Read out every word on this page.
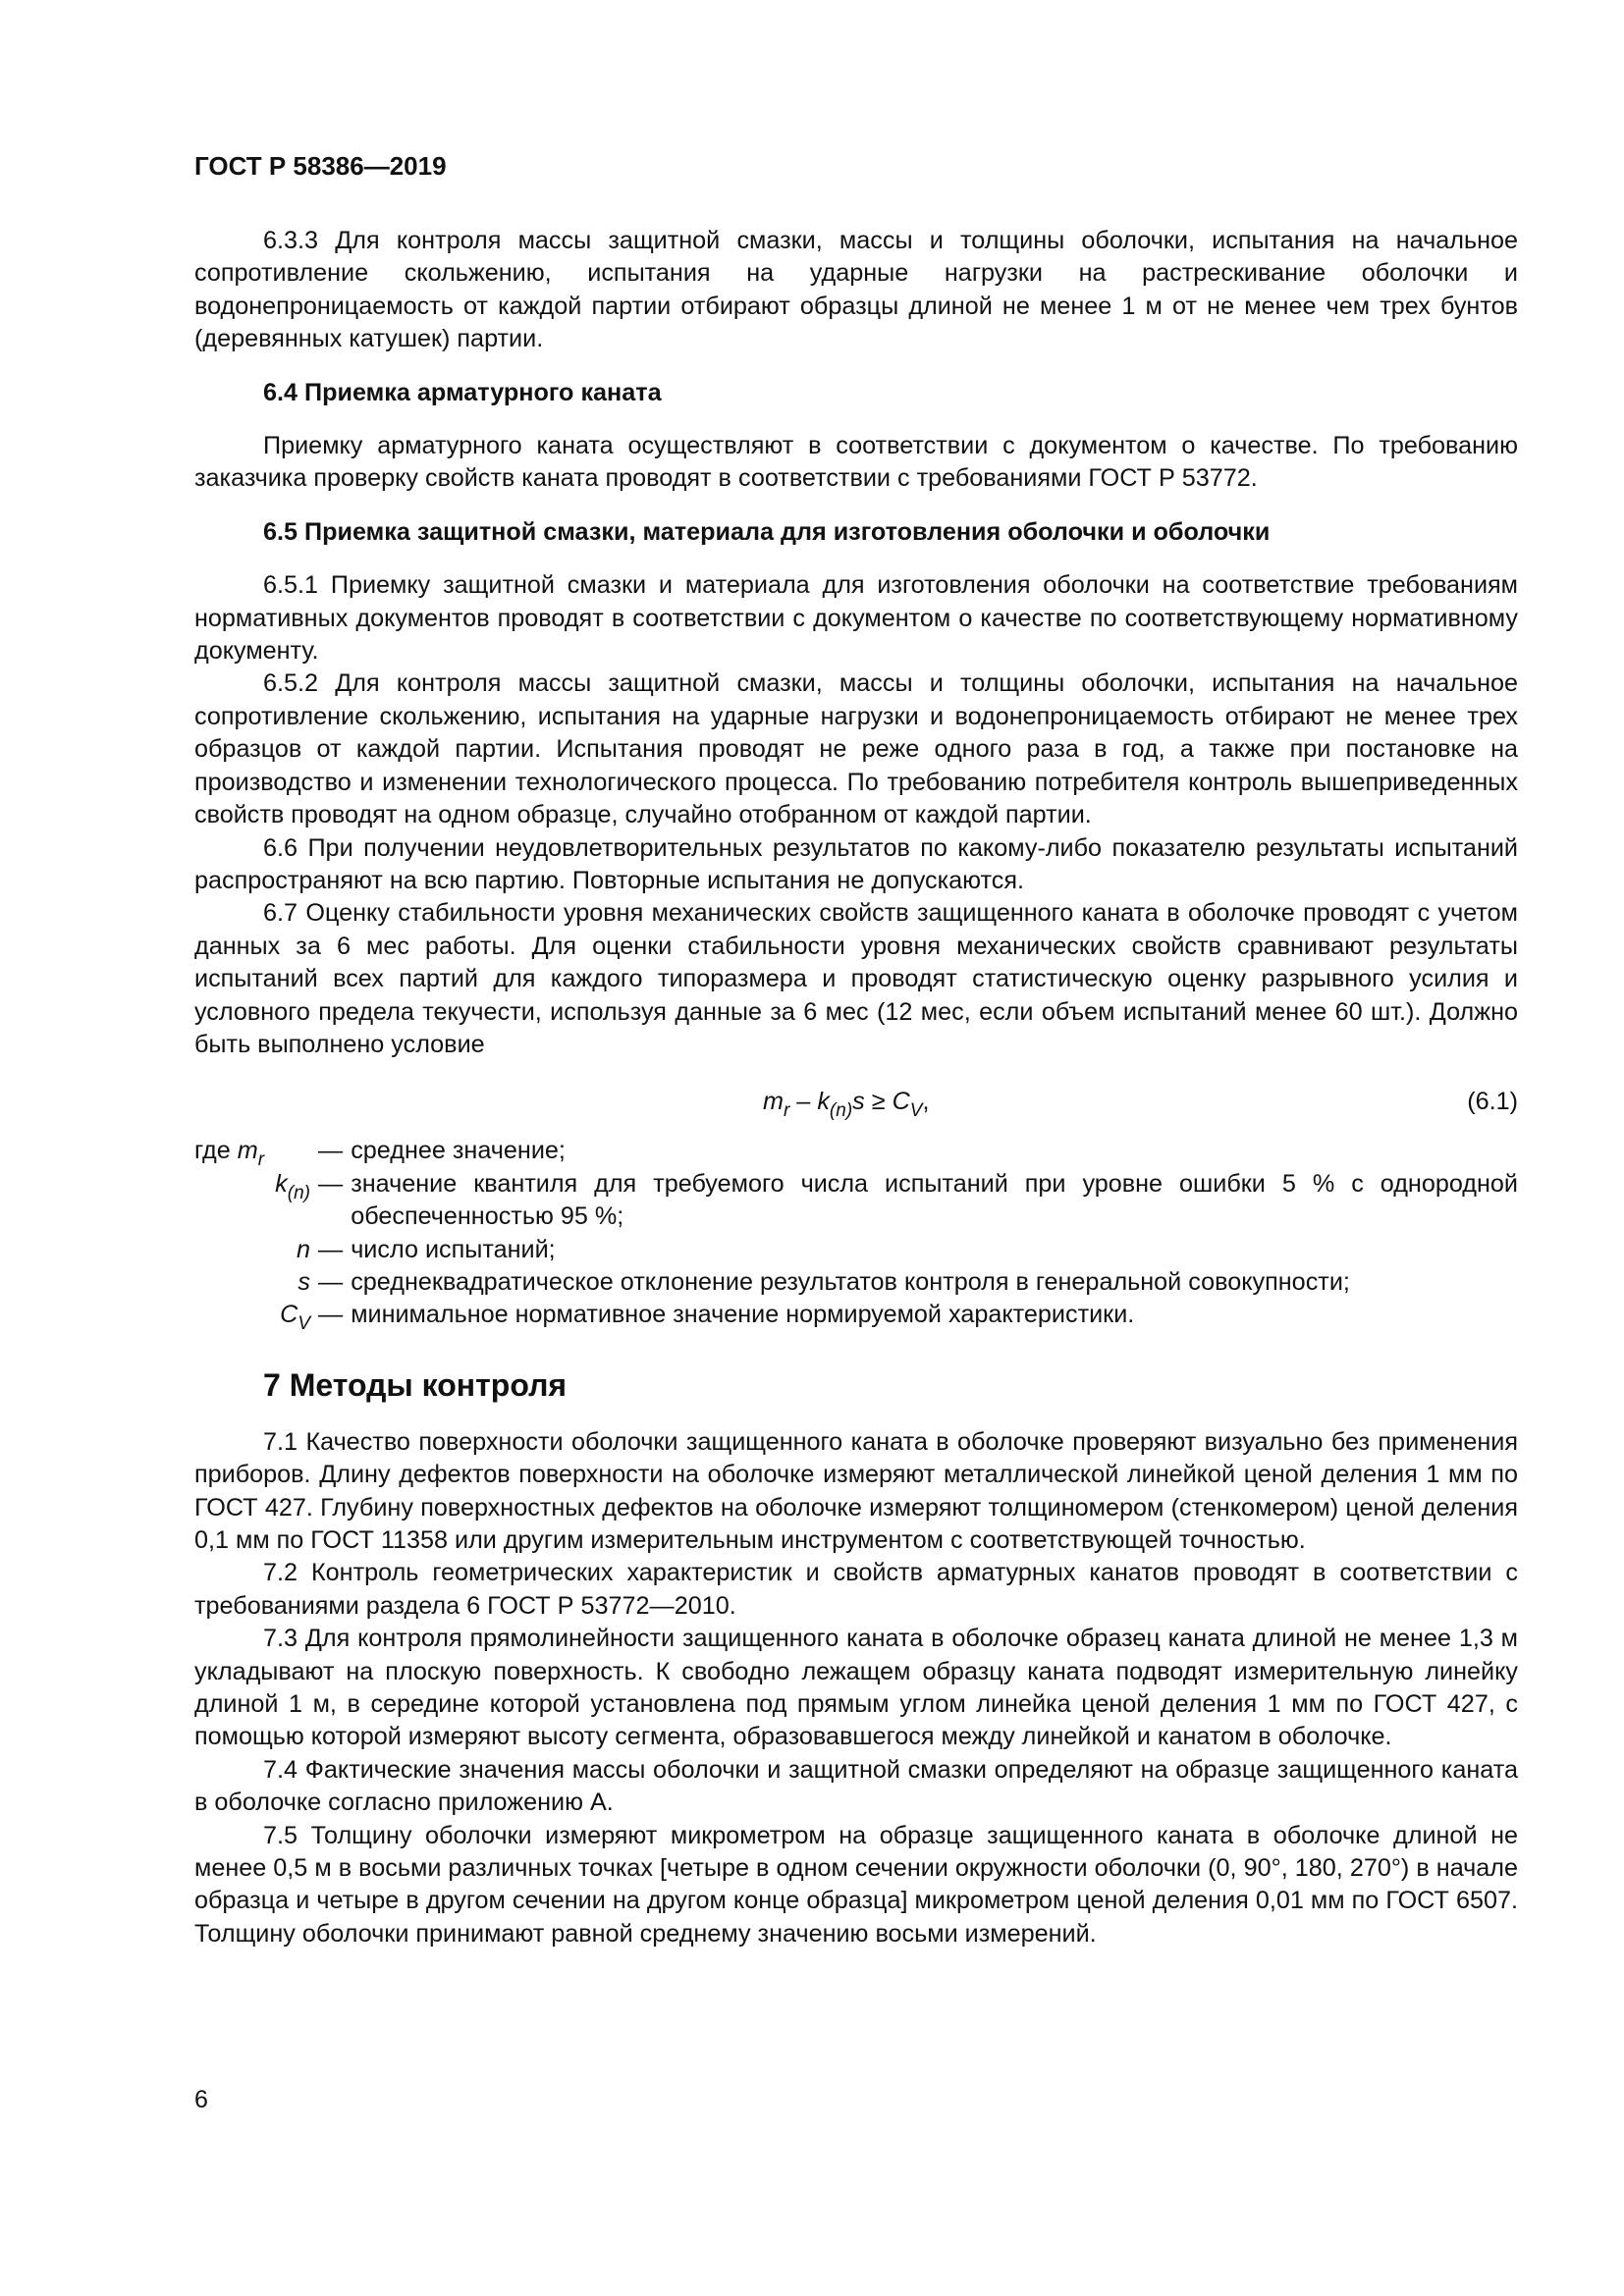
ГОСТ Р 58386—2019

6.3.3 Для контроля массы защитной смазки, массы и толщины оболочки, испытания на начальное сопротивление скольжению, испытания на ударные нагрузки на растрескивание оболочки и водонепроницаемость от каждой партии отбирают образцы длиной не менее 1 м от не менее чем трех бунтов (деревянных катушек) партии.

6.4 Приемка арматурного каната

Приемку арматурного каната осуществляют в соответствии с документом о качестве. По требованию заказчика проверку свойств каната проводят в соответствии с требованиями ГОСТ Р 53772.

6.5 Приемка защитной смазки, материала для изготовления оболочки и оболочки

6.5.1 Приемку защитной смазки и материала для изготовления оболочки на соответствие требованиям нормативных документов проводят в соответствии с документом о качестве по соответствующему нормативному документу.

6.5.2 Для контроля массы защитной смазки, массы и толщины оболочки, испытания на начальное сопротивление скольжению, испытания на ударные нагрузки и водонепроницаемость отбирают не менее трех образцов от каждой партии. Испытания проводят не реже одного раза в год, а также при постановке на производство и изменении технологического процесса. По требованию потребителя контроль вышеприведенных свойств проводят на одном образце, случайно отобранном от каждой партии.

6.6 При получении неудовлетворительных результатов по какому-либо показателю результаты испытаний распространяют на всю партию. Повторные испытания не допускаются.

6.7 Оценку стабильности уровня механических свойств защищенного каната в оболочке проводят с учетом данных за 6 мес работы. Для оценки стабильности уровня механических свойств сравнивают результаты испытаний всех партий для каждого типоразмера и проводят статистическую оценку разрывного усилия и условного предела текучести, используя данные за 6 мес (12 мес, если объем испытаний менее 60 шт.). Должно быть выполнено условие

$m_r - k_{(n)}s \ge C_V$,	(6.1)
где $m_r$	— среднее значение;
$k_{(n)}$ — значение квантиля для требуемого числа испытаний при уровне ошибки 5 % с однородной обеспеченностью 95 %;
n — число испытаний;
s — среднеквадратическое отклонение результатов контроля в генеральной совокупности;
$C_V$ — минимальное нормативное значение нормируемой характеристики.
7 Методы контроля

7.1 Качество поверхности оболочки защищенного каната в оболочке проверяют визуально без применения приборов. Длину дефектов поверхности на оболочке измеряют металлической линейкой ценой деления 1 мм по ГОСТ 427. Глубину поверхностных дефектов на оболочке измеряют толщиномером (стенкомером) ценой деления 0,1 мм по ГОСТ 11358 или другим измерительным инструментом с соответствующей точностью.

7.2 Контроль геометрических характеристик и свойств арматурных канатов проводят в соответствии с требованиями раздела 6 ГОСТ Р 53772—2010.

7.3 Для контроля прямолинейности защищенного каната в оболочке образец каната длиной не менее 1,3 м укладывают на плоскую поверхность. К свободно лежащем образцу каната подводят измерительную линейку длиной 1 м, в середине которой установлена под прямым углом линейка ценой деления 1 мм по ГОСТ 427, с помощью которой измеряют высоту сегмента, образовавшегося между линейкой и канатом в оболочке.

7.4 Фактические значения массы оболочки и защитной смазки определяют на образце защищенного каната в оболочке согласно приложению А.

7.5 Толщину оболочки измеряют микрометром на образце защищенного каната в оболочке длиной не менее 0,5 м в восьми различных точках [четыре в одном сечении окружности оболочки (0, 90°, 180, 270°) в начале образца и четыре в другом сечении на другом конце образца] микрометром ценой деления 0,01 мм по ГОСТ 6507. Толщину оболочки принимают равной среднему значению восьми измерений.

6
